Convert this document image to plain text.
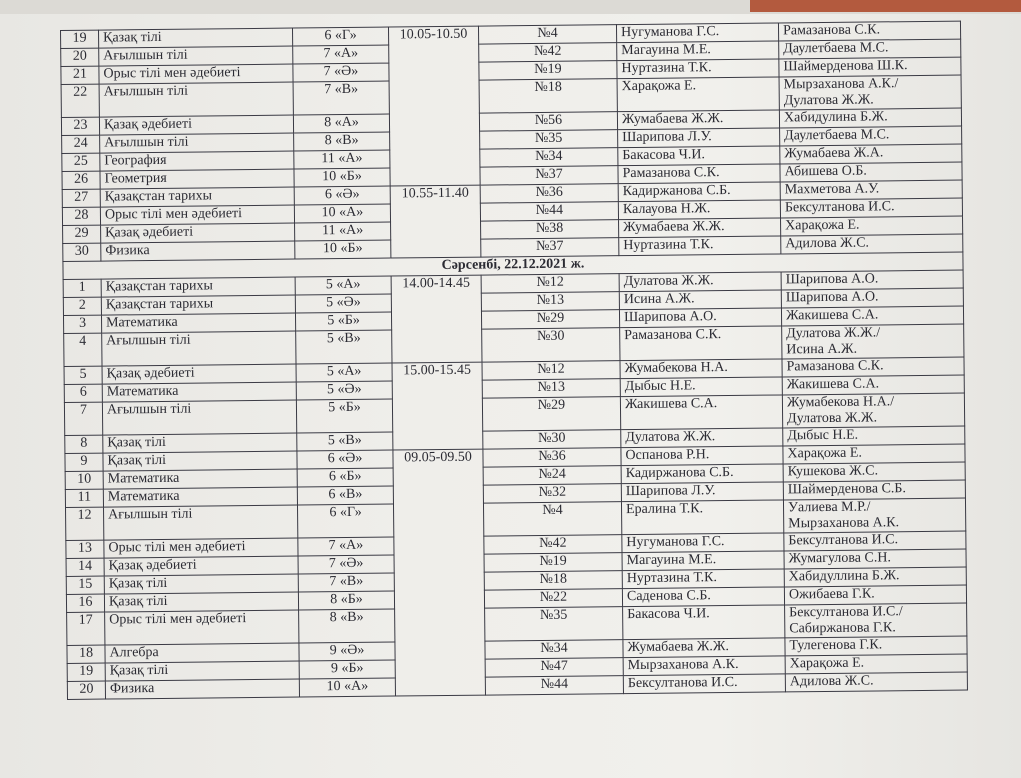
19	Қазақ тілі	6 «Г»	10.05-10.50	№4	Нугуманова Г.С.	Рамазанова С.К.

20	Ағылшын тілі	7 «А»		№42	Магауина М.Е.	Даулетбаева М.С.

21	Орыс тілі мен әдебиеті	7 «Ә»		№19	Нуртазина Т.К.	Шаймерденова Ш.К.

22	Ағылшын тілі	7 «В»		№18	Харақожа Е.	Мырзаханова А.К./
Дулатова Ж.Ж.

23	Қазақ әдебиеті	8 «А»		№56	Жумабаева Ж.Ж.	Хабидулина Б.Ж.

24	Ағылшын тілі	8 «В»		№35	Шарипова Л.У.	Даулетбаева М.С.

25	География	11 «А»		№34	Бакасова Ч.И.	Жумабаева Ж.А.

26	Геометрия	10 «Б»		№37	Рамазанова С.К.	Абишева О.Б.

27	Қазақстан тарихы	6 «Ә»	10.55-11.40	№36	Кадиржанова С.Б.	Махметова А.У.

28	Орыс тілі мен әдебиеті	10 «А»		№44	Калауова Н.Ж.	Бексултанова И.С.

29	Қазақ әдебиеті	11 «А»		№38	Жумабаева Ж.Ж.	Харақожа Е.

30	Физика	10 «Б»		№37	Нуртазина Т.К.	Адилова Ж.С.

Сәрсенбі, 22.12.2021 ж.						
1	Қазақстан тарихы	5 «А»	14.00-14.45	№12	Дулатова Ж.Ж.	Шарипова А.О.

2	Қазақстан тарихы	5 «Ә»		№13	Исина А.Ж.	Шарипова А.О.

3	Математика	5 «Б»		№29	Шарипова А.О.	Жакишева С.А.

4	Ағылшын тілі	5 «В»		№30	Рамазанова С.К.	Дулатова Ж.Ж./
Исина А.Ж.

5	Қазақ әдебиеті	5 «А»	15.00-15.45	№12	Жумабекова Н.А.	Рамазанова С.К.

6	Математика	5 «Ә»		№13	Дыбыс Н.Е.	Жакишева С.А.

7	Ағылшын тілі	5 «Б»		№29	Жакишева С.А.	Жумабекова Н.А./
Дулатова Ж.Ж.

8	Қазақ тілі	5 «В»		№30	Дулатова Ж.Ж.	Дыбыс Н.Е.

9	Қазақ тілі	6 «Ә»	09.05-09.50	№36	Оспанова Р.Н.	Харақожа Е.

10	Математика	6 «Б»		№24	Кадиржанова С.Б.	Кушекова Ж.С.

11	Математика	6 «В»		№32	Шарипова Л.У.	Шаймерденова С.Б.

12	Ағылшын тілі	6 «Г»		№4	Ералина Т.К.	Уалиева М.Р./
Мырзаханова А.К.

13	Орыс тілі мен әдебиеті	7 «А»		№42	Нугуманова Г.С.	Бексултанова И.С.

14	Қазақ әдебиеті	7 «Ә»		№19	Магауина М.Е.	Жумагулова С.Н.

15	Қазақ тілі	7 «В»		№18	Нуртазина Т.К.	Хабидуллина Б.Ж.

16	Қазақ тілі	8 «Б»		№22	Саденова С.Б.	Ожибаева Г.К.

17	Орыс тілі мен әдебиеті	8 «В»		№35	Бакасова Ч.И.	Бексултанова И.С./
Сабиржанова Г.К.

18	Алгебра	9 «Ә»		№34	Жумабаева Ж.Ж.	Тулегенова Г.К.

19	Қазақ тілі	9 «Б»		№47	Мырзаханова А.К.	Харақожа Е.

20	Физика	10 «А»		№44	Бексултанова И.С.	Адилова Ж.С.
